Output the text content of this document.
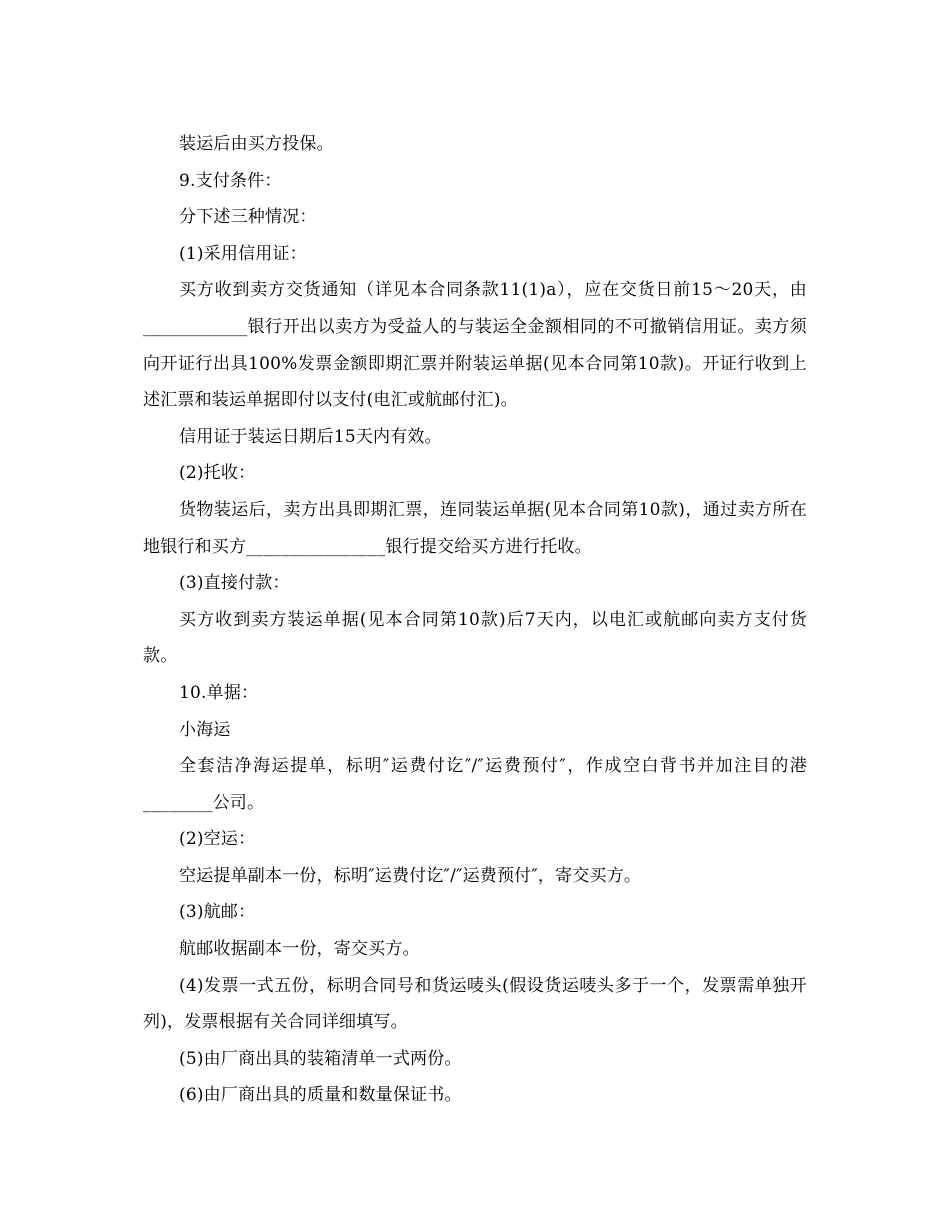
装运后由买方投保。

9.支付条件：

分下述三种情况：

(1)采用信用证：

买方收到卖方交货通知（详见本合同条款11(1)a），应在交货日前15～20天，由____________银行开出以卖方为受益人的与装运全金额相同的不可撤销信用证。卖方须向开证行出具100%发票金额即期汇票并附装运单据(见本合同第10款)。开证行收到上述汇票和装运单据即付以支付(电汇或航邮付汇)。

信用证于装运日期后15天内有效。

(2)托收：

货物装运后，卖方出具即期汇票，连同装运单据(见本合同第10款)，通过卖方所在地银行和买方________________银行提交给买方进行托收。

(3)直接付款：

买方收到卖方装运单据(见本合同第10款)后7天内，以电汇或航邮向卖方支付货款。

10.单据：

小海运

全套洁净海运提单，标明″运费付讫″/″运费预付″，作成空白背书并加注目的港________公司。

(2)空运：

空运提单副本一份，标明″运费付讫″/″运费预付″，寄交买方。

(3)航邮：

航邮收据副本一份，寄交买方。

(4)发票一式五份，标明合同号和货运唛头(假设货运唛头多于一个，发票需单独开列)，发票根据有关合同详细填写。

(5)由厂商出具的装箱清单一式两份。

(6)由厂商出具的质量和数量保证书。
